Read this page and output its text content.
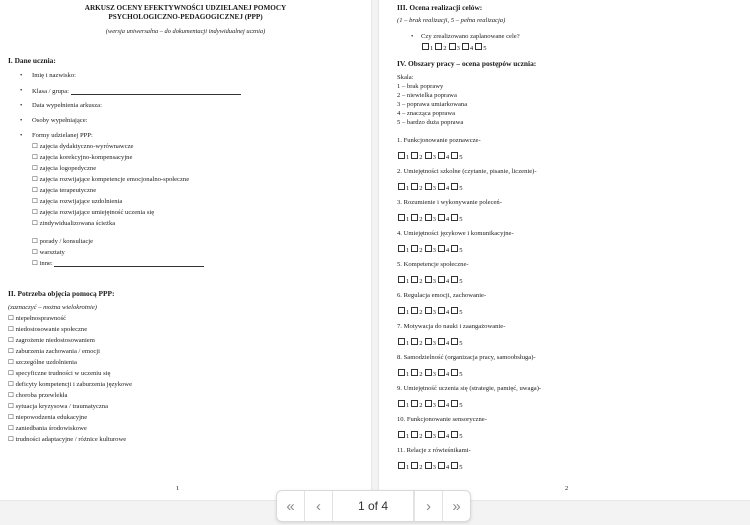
ARKUSZ OCENY EFEKTYWNOŚCI UDZIELANEJ POMOCY
PSYCHOLOGICZNO-PEDAGOGICZNEJ (PPP)
(wersja uniwersalna – do dokumentacji indywidualnej ucznia)
I. Dane ucznia:
• Imię i nazwisko:
• Klasa / grupa:
• Data wypełnienia arkusza:
• Osoby wypełniające:
• Formy udzielanej PPP:
☐ zajęcia dydaktyczno-wyrównawcze
☐ zajęcia korekcyjno-kompensacyjne
☐ zajęcia logopedyczne
☐ zajęcia rozwijające kompetencje emocjonalno-społeczne
☐ zajęcia terapeutyczne
☐ zajęcia rozwijające uzdolnienia
☐ zajęcia rozwijające umiejętność uczenia się
☐ zindywidualizowana ścieżka
☐ porady / konsultacje
☐ warsztaty
☐ inne:
II. Potrzeba objęcia pomocą PPP:
(zaznaczyć – można wielokrotnie)
☐ niepełnosprawność
☐ niedostosowanie społeczne
☐ zagrożenie niedostosowaniem
☐ zaburzenia zachowania / emocji
☐ szczególne uzdolnienia
☐ specyficzne trudności w uczeniu się
☐ deficyty kompetencji i zaburzenia językowe
☐ choroba przewlekła
☐ sytuacja kryzysowa / traumatyczna
☐ niepowodzenia edukacyjne
☐ zaniedbania środowiskowe
☐ trudności adaptacyjne / różnice kulturowe
1
III. Ocena realizacji celów:
(1 – brak realizacji, 5 – pełna realizacja)
• Czy zrealizowano zaplanowane cele?
1 2 3 4 5
IV. Obszary pracy – ocena postępów ucznia:
Skala:
1 – brak poprawy
2 – niewielka poprawa
3 – poprawa umiarkowana
4 – znacząca poprawa
5 – bardzo duża poprawa
1. Funkcjonowanie poznawcze-
1 2 3 4 5
2. Umiejętności szkolne (czytanie, pisanie, liczenie)-
1 2 3 4 5
3. Rozumienie i wykonywanie poleceń-
1 2 3 4 5
4. Umiejętności językowe i komunikacyjne-
1 2 3 4 5
5. Kompetencje społeczne-
1 2 3 4 5
6. Regulacja emocji, zachowanie-
1 2 3 4 5
7. Motywacja do nauki i zaangażowanie-
1 2 3 4 5
8. Samodzielność (organizacja pracy, samoobsługa)-
1 2 3 4 5
9. Umiejętność uczenia się (strategie, pamięć, uwaga)-
1 2 3 4 5
10. Funkcjonowanie sensoryczne-
1 2 3 4 5
11. Relacje z rówieśnikami-
1 2 3 4 5
2
« ‹	1 of 4	› »
